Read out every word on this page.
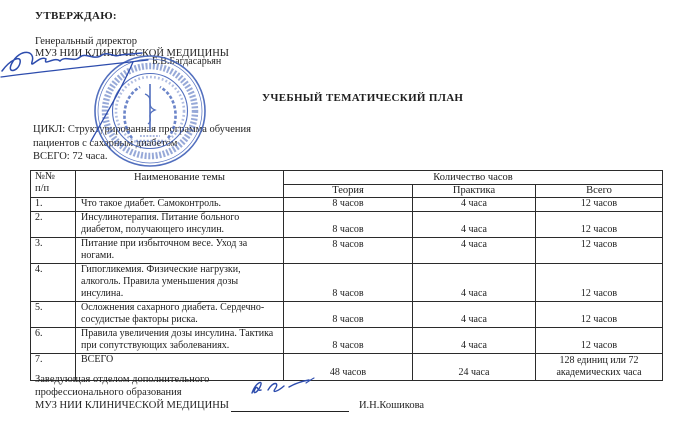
УТВЕРЖДАЮ:
Генеральный директор
МУЗ НИИ КЛИНИЧЕСКОЙ МЕДИЦИНЫ
Б.В.Багдасарьян
УЧЕБНЫЙ ТЕМАТИЧЕСКИЙ ПЛАН
ЦИКЛ: Структурированная программа обучения
пациентов с сахарным диабетом
ВСЕГО: 72 часа.
№№
п/п	Наименование темы	Количество часов		
		Теория	Практика	Всего
1.	Что такое диабет. Самоконтроль.	8 часов	4 часа	12 часов
2.	Инсулинотерапия. Питание больного диабетом, получающего инсулин.	8 часов	4 часа	12 часов
3.	Питание при избыточном весе. Уход за ногами.	8 часов	4 часа	12 часов
4.	Гипогликемия. Физические нагрузки, алкоголь. Правила уменьшения дозы инсулина.	8 часов	4 часа	12 часов
5.	Осложнения сахарного диабета. Сердечно-сосудистые факторы риска.	8 часов	4 часа	12 часов
6.	Правила увеличения дозы инсулина. Тактика при сопутствующих заболеваниях.	8 часов	4 часа	12 часов
7.	ВСЕГО	48 часов	24 часа	128 единиц или 72 академических часа
Заведующая отделом дополнительного
профессионального образования
МУЗ НИИ КЛИНИЧЕСКОЙ МЕДИЦИНЫ	И.Н.Кошикова
